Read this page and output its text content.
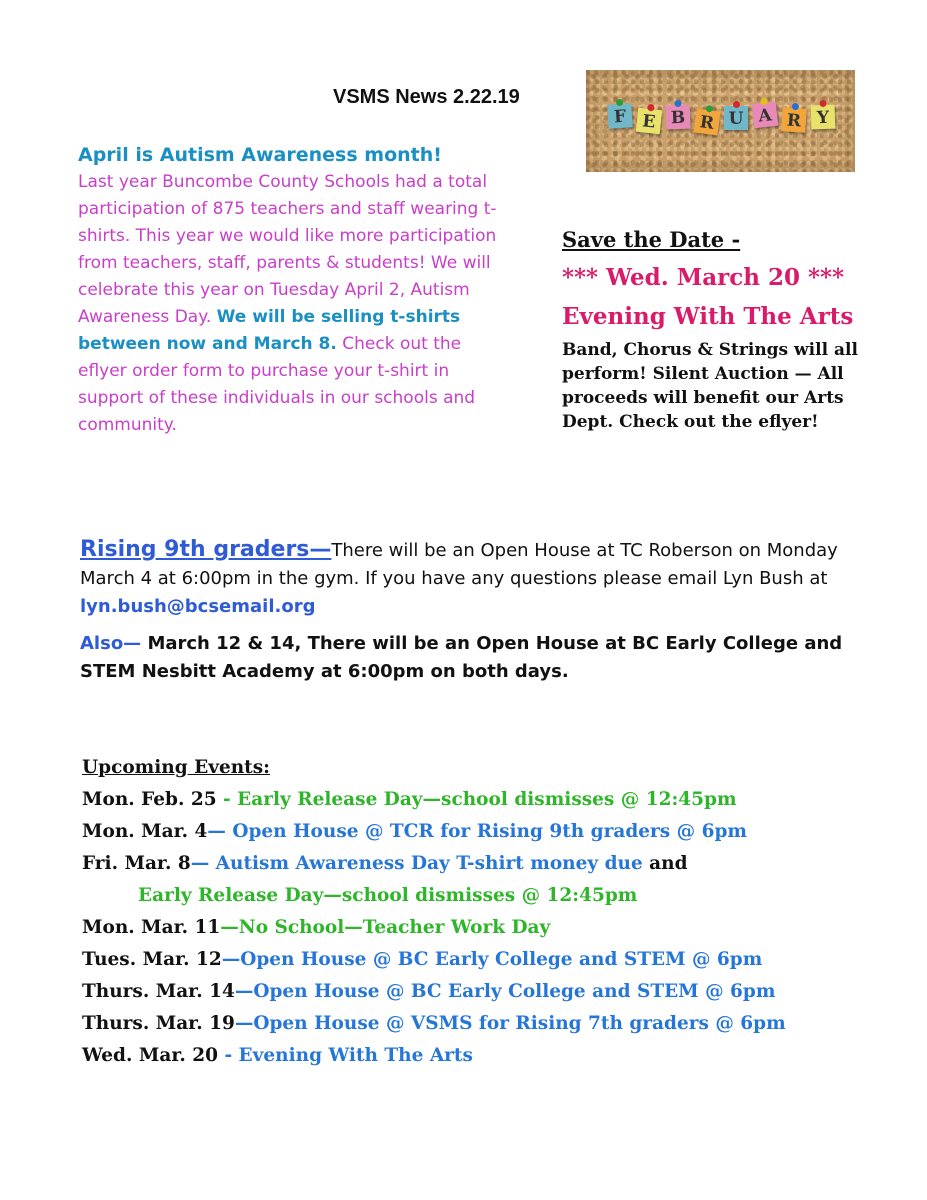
VSMS News 2.22.19
F E B R U A R Y
April is Autism Awareness month!
Last year Buncombe County Schools had a total participation of 875 teachers and staff wearing t-shirts. This year we would like more participation from teachers, staff, parents & students! We will celebrate this year on Tuesday April 2, Autism Awareness Day. We will be selling t-shirts between now and March 8. Check out the eflyer order form to purchase your t-shirt in support of these individuals in our schools and community.
Save the Date -
*** Wed. March 20 ***
Evening With The Arts
Band, Chorus & Strings will all perform! Silent Auction — All proceeds will benefit our Arts Dept. Check out the eflyer!
Rising 9th graders—There will be an Open House at TC Roberson on Monday March 4 at 6:00pm in the gym. If you have any questions please email Lyn Bush at lyn.bush@bcsemail.org
Also— March 12 & 14, There will be an Open House at BC Early College and STEM Nesbitt Academy at 6:00pm on both days.
Upcoming Events:
Mon. Feb. 25 - Early Release Day—school dismisses @ 12:45pm
Mon. Mar. 4— Open House @ TCR for Rising 9th graders @ 6pm
Fri. Mar. 8— Autism Awareness Day T-shirt money due and
Early Release Day—school dismisses @ 12:45pm
Mon. Mar. 11—No School—Teacher Work Day
Tues. Mar. 12—Open House @ BC Early College and STEM @ 6pm
Thurs. Mar. 14—Open House @ BC Early College and STEM @ 6pm
Thurs. Mar. 19—Open House @ VSMS for Rising 7th graders @ 6pm
Wed. Mar. 20 - Evening With The Arts
